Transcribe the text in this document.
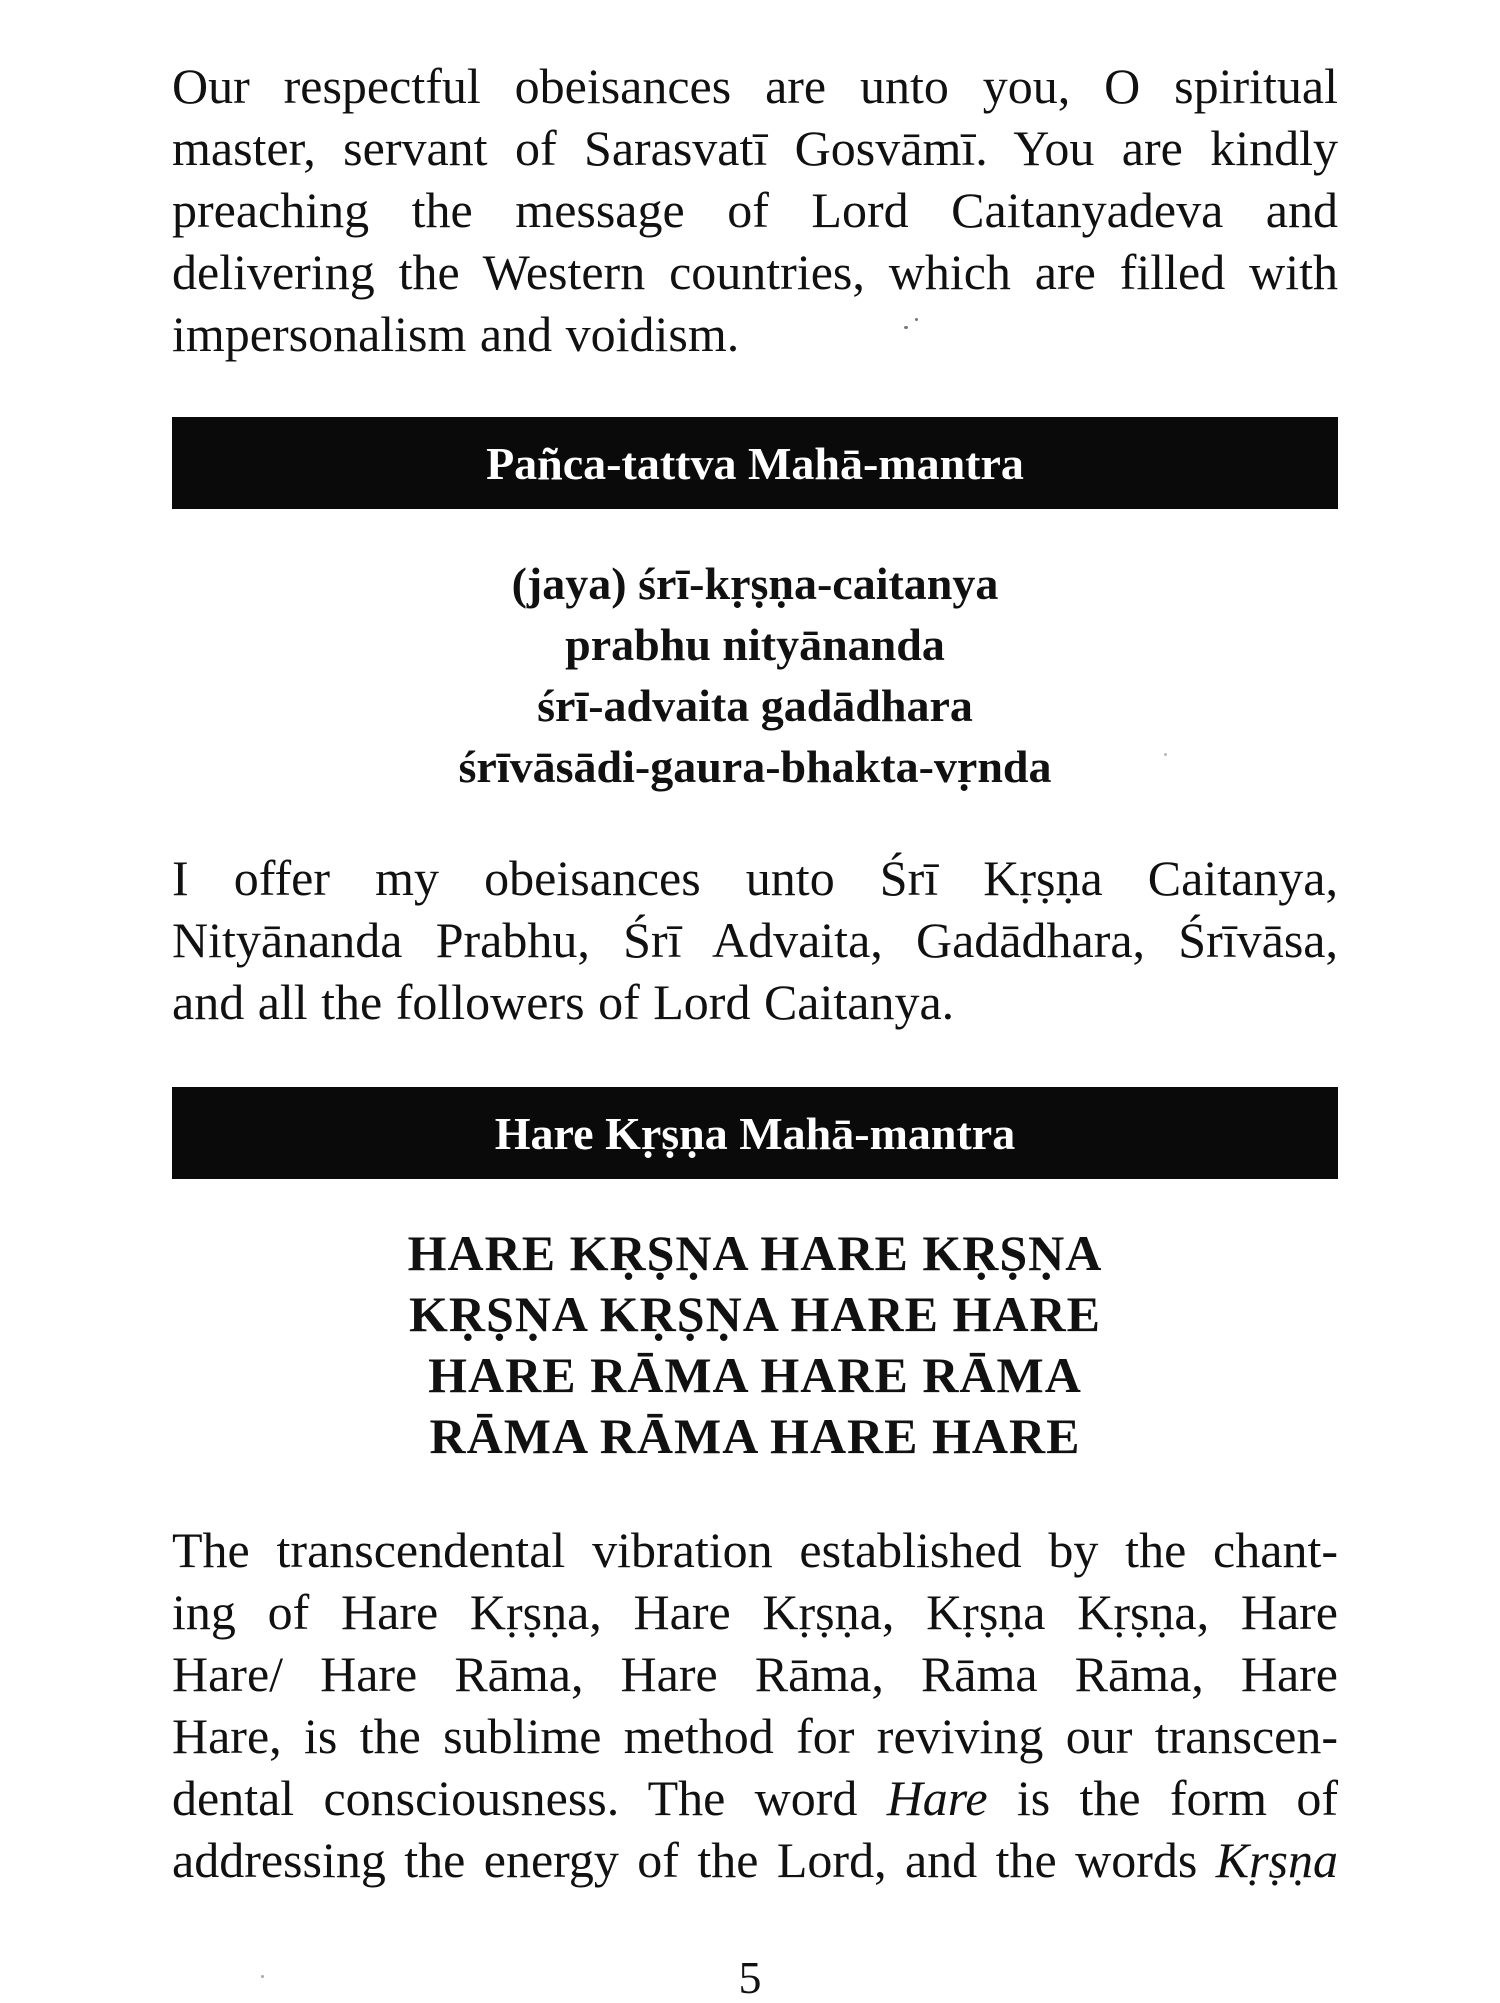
Our respectful obeisances are unto you, O spiritual
master, servant of Sarasvatī Gosvāmī. You are kindly
preaching the message of Lord Caitanyadeva and
delivering the Western countries, which are filled with
impersonalism and voidism.

Pañca-tattva Mahā-mantra
(jaya) śrī-kṛṣṇa-caitanya
prabhu nityānanda
śrī-advaita gadādhara
śrīvāsādi-gaura-bhakta-vṛnda

I offer my obeisances unto Śrī Kṛṣṇa Caitanya,
Nityānanda Prabhu, Śrī Advaita, Gadādhara, Śrīvāsa,
and all the followers of Lord Caitanya.

Hare Kṛṣṇa Mahā-mantra
HARE KṚṢṆA HARE KṚṢṆA
KṚṢṆA KṚṢṆA HARE HARE
HARE RĀMA HARE RĀMA
RĀMA RĀMA HARE HARE

The transcendental vibration established by the chant-
ing of Hare Kṛṣṇa, Hare Kṛṣṇa, Kṛṣṇa Kṛṣṇa, Hare
Hare/ Hare Rāma, Hare Rāma, Rāma Rāma, Hare
Hare, is the sublime method for reviving our transcen-
dental consciousness. The word Hare is the form of
addressing the energy of the Lord, and the words Kṛṣṇa

5
